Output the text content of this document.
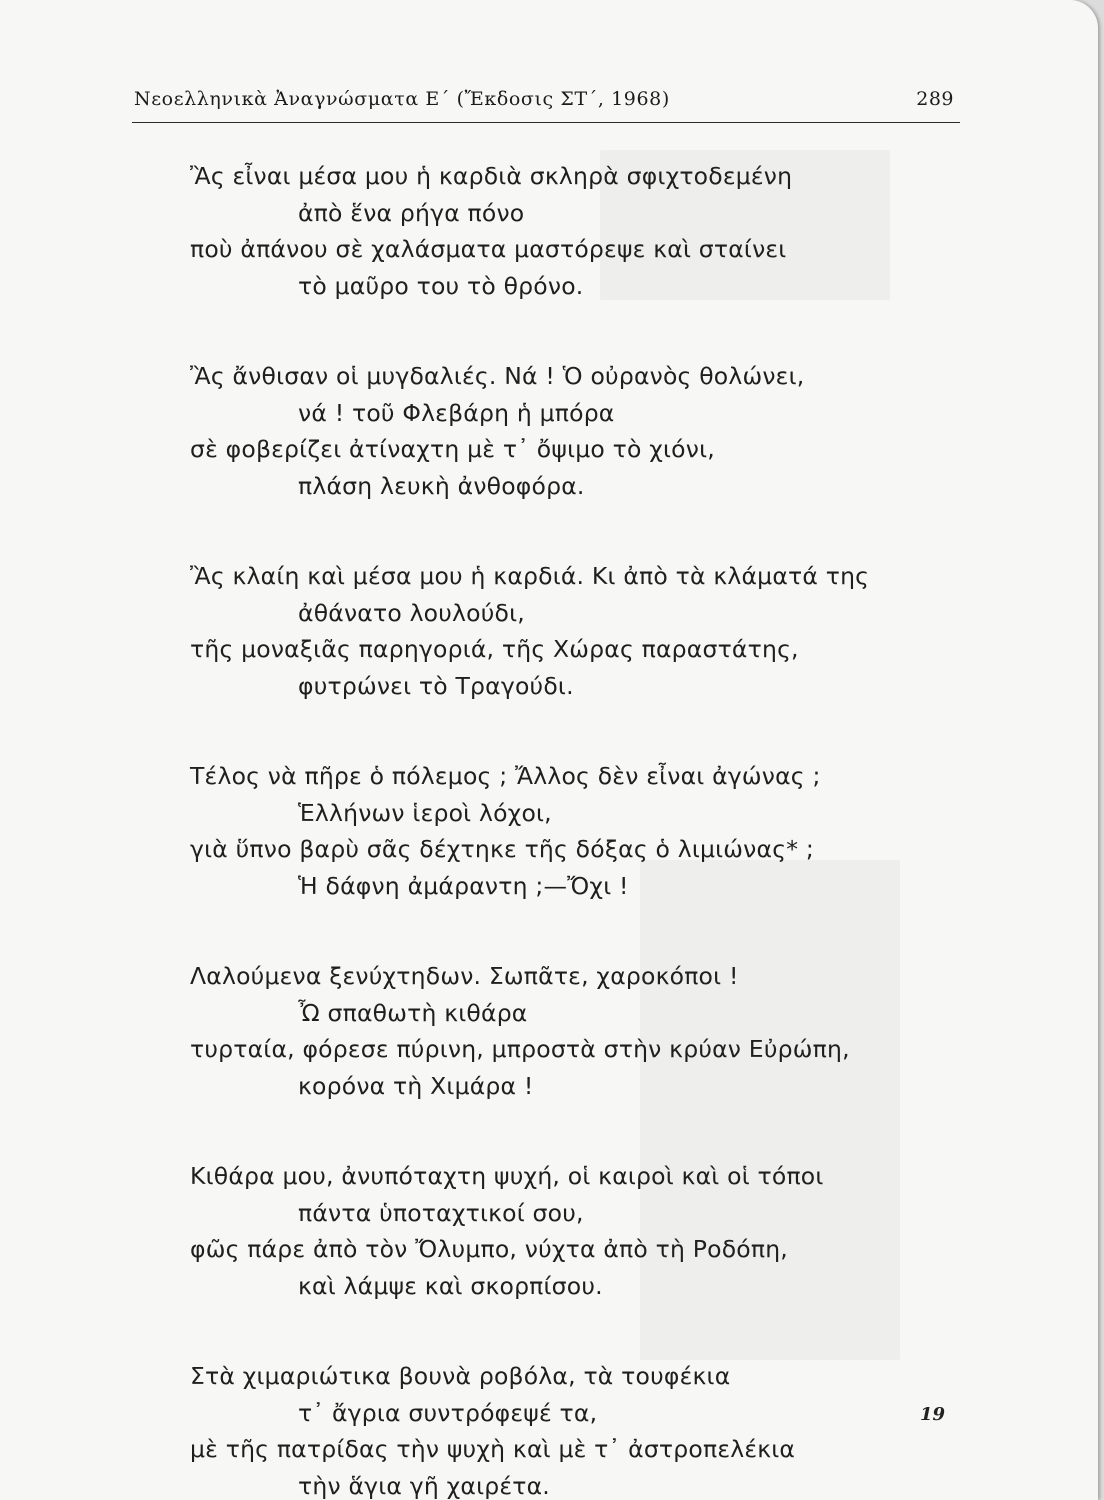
Νεοελληνικὰ Ἀναγνώσματα Ε΄ (Ἔκδοσις ΣΤ΄, 1968)	289
Ἂς εἶναι μέσα μου ἡ καρδιὰ σκληρὰ σφιχτοδεμένη
ἀπὸ ἕνα ρήγα πόνο
ποὺ ἀπάνου σὲ χαλάσματα μαστόρεψε καὶ σταίνει
τὸ μαῦρο του τὸ θρόνο.
Ἂς ἄνθισαν οἱ μυγδαλιές. Νά ! Ὁ οὐρανὸς θολώνει,
νά ! τοῦ Φλεβάρη ἡ μπόρα
σὲ φοβερίζει ἀτίναχτη μὲ τ᾿ ὄψιμο τὸ χιόνι,
πλάση λευκὴ ἀνθοφόρα.
Ἂς κλαίη καὶ μέσα μου ἡ καρδιά. Κι ἀπὸ τὰ κλάματά της
ἀθάνατο λουλούδι,
τῆς μοναξιᾶς παρηγοριά, τῆς Χώρας παραστάτης,
φυτρώνει τὸ Τραγούδι.
Τέλος νὰ πῆρε ὁ πόλεμος ; Ἄλλος δὲν εἶναι ἀγώνας ;
Ἑλλήνων ἱεροὶ λόχοι,
γιὰ ὕπνο βαρὺ σᾶς δέχτηκε τῆς δόξας ὁ λιμιώνας* ;
Ἡ δάφνη ἀμάραντη ;—Ὄχι !
Λαλούμενα ξενύχτηδων. Σωπᾶτε, χαροκόποι !
Ὦ σπαθωτὴ κιθάρα
τυρταία, φόρεσε πύρινη, μπροστὰ στὴν κρύαν Εὐρώπη,
κορόνα τὴ Χιμάρα !
Κιθάρα μου, ἀνυπόταχτη ψυχή, οἱ καιροὶ καὶ οἱ τόποι
πάντα ὑποταχτικοί σου,
φῶς πάρε ἀπὸ τὸν Ὄλυμπο, νύχτα ἀπὸ τὴ Ροδόπη,
καὶ λάμψε καὶ σκορπίσου.
Στὰ χιμαριώτικα βουνὰ ροβόλα, τὰ τουφέκια
τ᾿ ἄγρια συντρόφεψέ τα,
μὲ τῆς πατρίδας τὴν ψυχὴ καὶ μὲ τ᾿ ἀστροπελέκια
τὴν ἅγια γῆ χαιρέτα.
19
